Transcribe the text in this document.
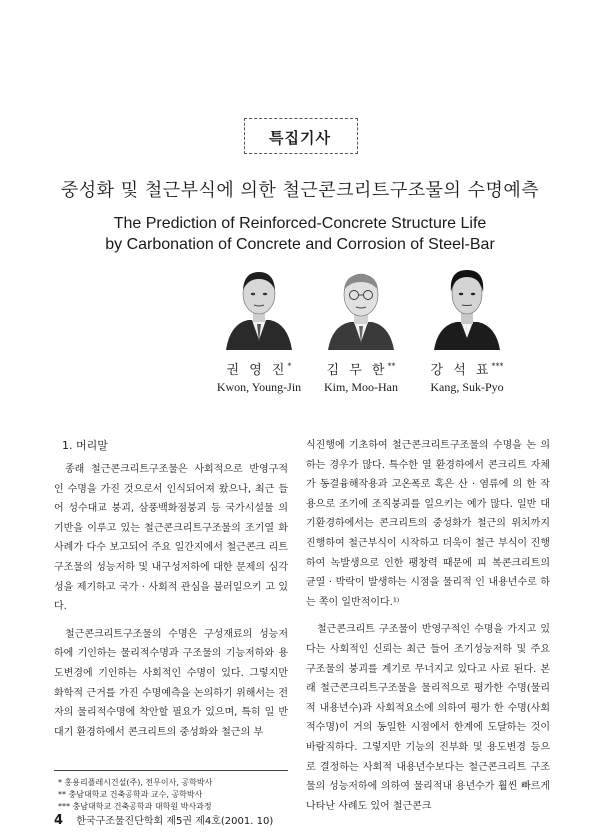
특집기사
중성화 및 철근부식에 의한 철근콘크리트구조물의 수명예측
The Prediction of Reinforced-Concrete Structure Life
by Carbonation of Concrete and Corrosion of Steel-Bar
권 영 진*
Kwon, Young-Jin
김 무 한**
Kim, Moo-Han
강 석 표***
Kang, Suk-Pyo
1. 머리말

종래 철근콘크리트구조물은 사회적으로 반영구적 인 수명을 가진 것으로서 인식되어져 왔으나, 최근 들어 성수대교 붕괴, 삼풍백화점붕괴 등 국가시설물 의 기반을 이루고 있는 철근콘크리트구조물의 조기열 화 사례가 다수 보고되어 주요 일간지에서 철근콘크 리트구조물의 성능저하 및 내구성저하에 대한 문제의 심각성을 제기하고 국가 · 사회적 관심을 불러일으키 고 있다.

철근콘크리트구조물의 수명은 구성재료의 성능저 하에 기인하는 물리적수명과 구조물의 기능저하와 용 도변경에 기인하는 사회적인 수명이 있다. 그렇지만 화학적 근거를 가진 수명예측을 논의하기 위해서는 전자의 물리적수명에 착안할 필요가 있으며, 특히 일 반 대기 환경하에서 콘크리트의 중성화와 철근의 부

식진행에 기초하여 철근콘크리트구조물의 수명을 논 의하는 경우가 많다. 특수한 열 환경하에서 콘크리트 자체가 동결융해작용과 고온폭로 혹은 산 · 염류에 의 한 작용으로 조기에 조직붕괴를 일으키는 예가 많다. 일반 대기환경하에서는 콘크리트의 중성화가 철근의 위치까지 진행하여 철근부식이 시작하고 더욱이 철근 부식이 진행하여 녹발생으로 인한 팽창력 때문에 피 복콘크리트의 균열 · 박락이 발생하는 시점을 물리적 인 내용년수로 하는 쪽이 일반적이다.¹⁾

철근콘크리트 구조물이 반영구적인 수명을 가지고 있다는 사회적인 신뢰는 최근 들어 조기성능저하 및 주요 구조물의 붕괴를 계기로 무너지고 있다고 사료 된다. 본래 철근콘크리트구조물을 물리적으로 평가한 수명(물리적 내용년수)과 사회적요소에 의하여 평가 한 수명(사회적수명)이 거의 동일한 시점에서 한계에 도달하는 것이 바람직하다. 그렇지만 기능의 진부화 및 용도변경 등으로 결정하는 사회적 내용년수보다는 철근콘크리트 구조물의 성능저하에 의하여 물리적내 용년수가 훨씬 빠르게 나타난 사례도 있어 철근콘크

* 홍용리플레시건설(주), 전무이사, 공학박사
** 충남대학교 건축공학과 교수, 공학박사
*** 충남대학교 건축공학과 대학원 박사과정
4 한국구조물진단학회 제5권 제4호(2001. 10)
